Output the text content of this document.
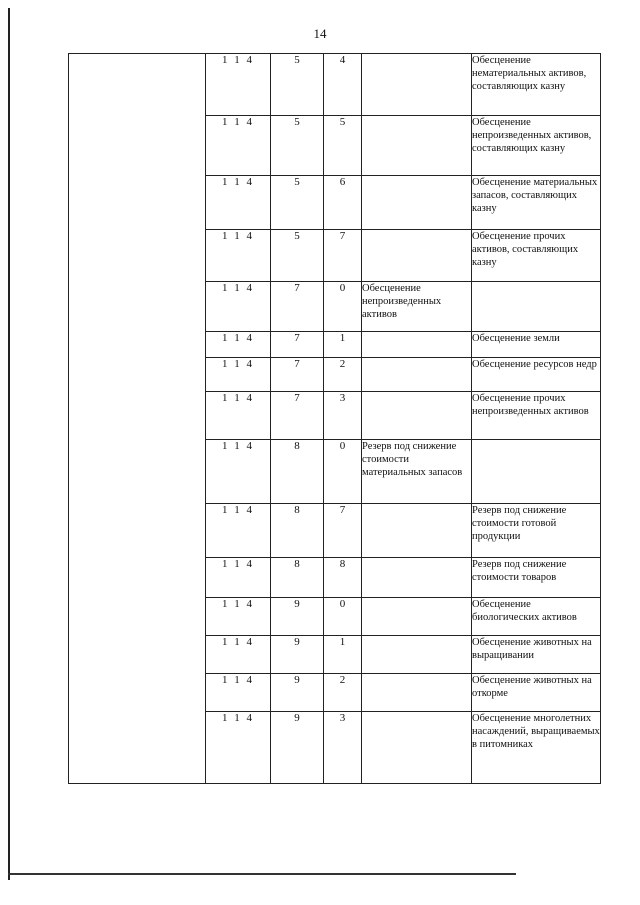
14
	1 1 4	5	4		Обесценение нематериальных активов, составляющих казну
	1 1 4	5	5		Обесценение непроизведенных активов, составляющих казну
	1 1 4	5	6		Обесценение материальных запасов, составляющих казну
	1 1 4	5	7		Обесценение прочих активов, составляющих казну
	1 1 4	7	0	Обесценение непроизведенных активов	
	1 1 4	7	1		Обесценение земли
	1 1 4	7	2		Обесценение ресурсов недр
	1 1 4	7	3		Обесценение прочих непроизведенных активов
	1 1 4	8	0	Резерв под снижение стоимости материальных запасов	
	1 1 4	8	7		Резерв под снижение стоимости готовой продукции
	1 1 4	8	8		Резерв под снижение стоимости товаров
	1 1 4	9	0		Обесценение биологических активов
	1 1 4	9	1		Обесценение животных на выращивании
	1 1 4	9	2		Обесценение животных на откорме
	1 1 4	9	3		Обесценение многолетних насаждений, выращиваемых в питомниках
